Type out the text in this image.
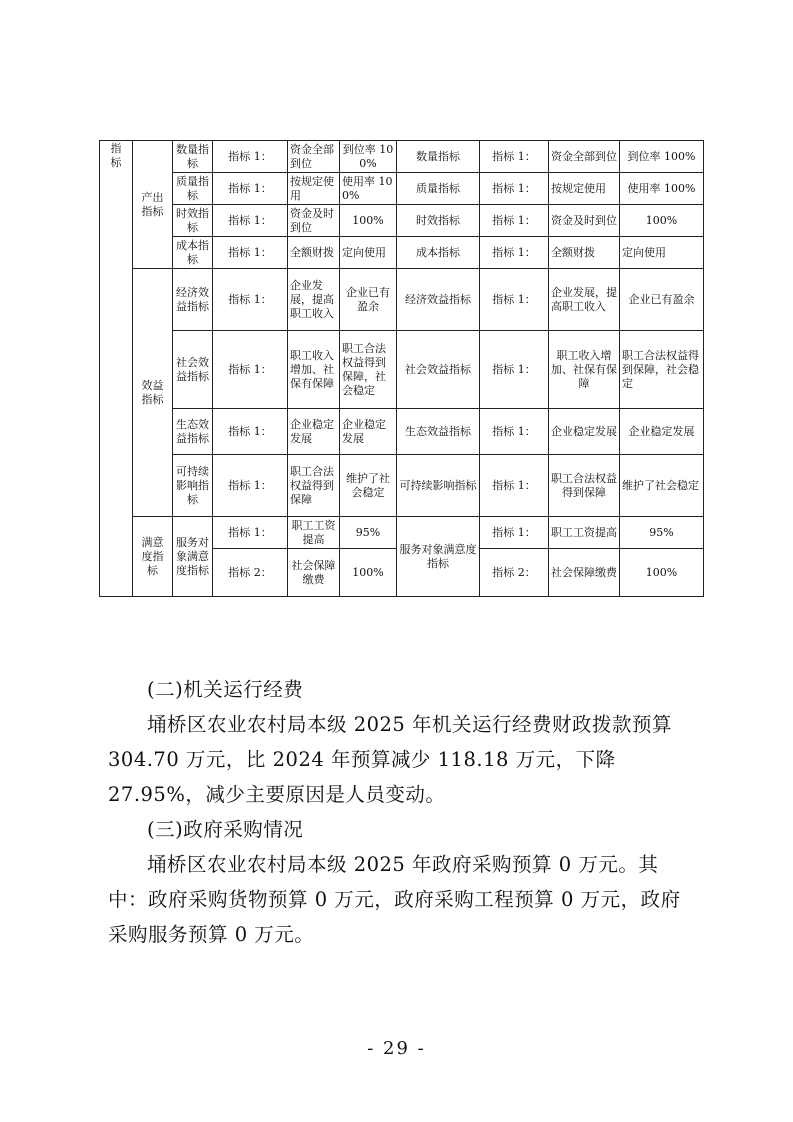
指标	产出指标	数量指标	指标 1：	资金全部到位	到位率 100%	数量指标	指标 1：	资金全部到位	到位率 100%
		质量指标	指标 1：	按规定使用	使用率 100%	质量指标	指标 1：	按规定使用	使用率 100%
		时效指标	指标 1：	资金及时到位	100%	时效指标	指标 1：	资金及时到位	100%
		成本指标	指标 1：	全额财拨	定向使用	成本指标	指标 1：	全额财拨	定向使用
	效益指标	经济效益指标	指标 1：	企业发展，提高职工收入	企业已有盈余	经济效益指标	指标 1：	企业发展，提高职工收入	企业已有盈余
		社会效益指标	指标 1：	职工收入增加、社保有保障	职工合法权益得到保障，社会稳定	社会效益指标	指标 1：	职工收入增加、社保有保障	职工合法权益得到保障，社会稳定
		生态效益指标	指标 1：	企业稳定发展	企业稳定发展	生态效益指标	指标 1：	企业稳定发展	企业稳定发展
		可持续影响指标	指标 1：	职工合法权益得到保障	维护了社会稳定	可持续影响指标	指标 1：	职工合法权益得到保障	维护了社会稳定
	满意度指标	服务对象满意度指标	指标 1：	职工工资提高	95%	服务对象满意度指标	指标 1：	职工工资提高	95%
			指标 2：	社会保障缴费	100%		指标 2：	社会保障缴费	100%

(二)机关运行经费

埇桥区农业农村局本级 2025 年机关运行经费财政拨款预算 304.70 万元，比 2024 年预算减少 118.18 万元，下降 27.95%，减少主要原因是人员变动。

(三)政府采购情况

埇桥区农业农村局本级 2025 年政府采购预算 0 万元。其中：政府采购货物预算 0 万元，政府采购工程预算 0 万元，政府采购服务预算 0 万元。

- 29 -
